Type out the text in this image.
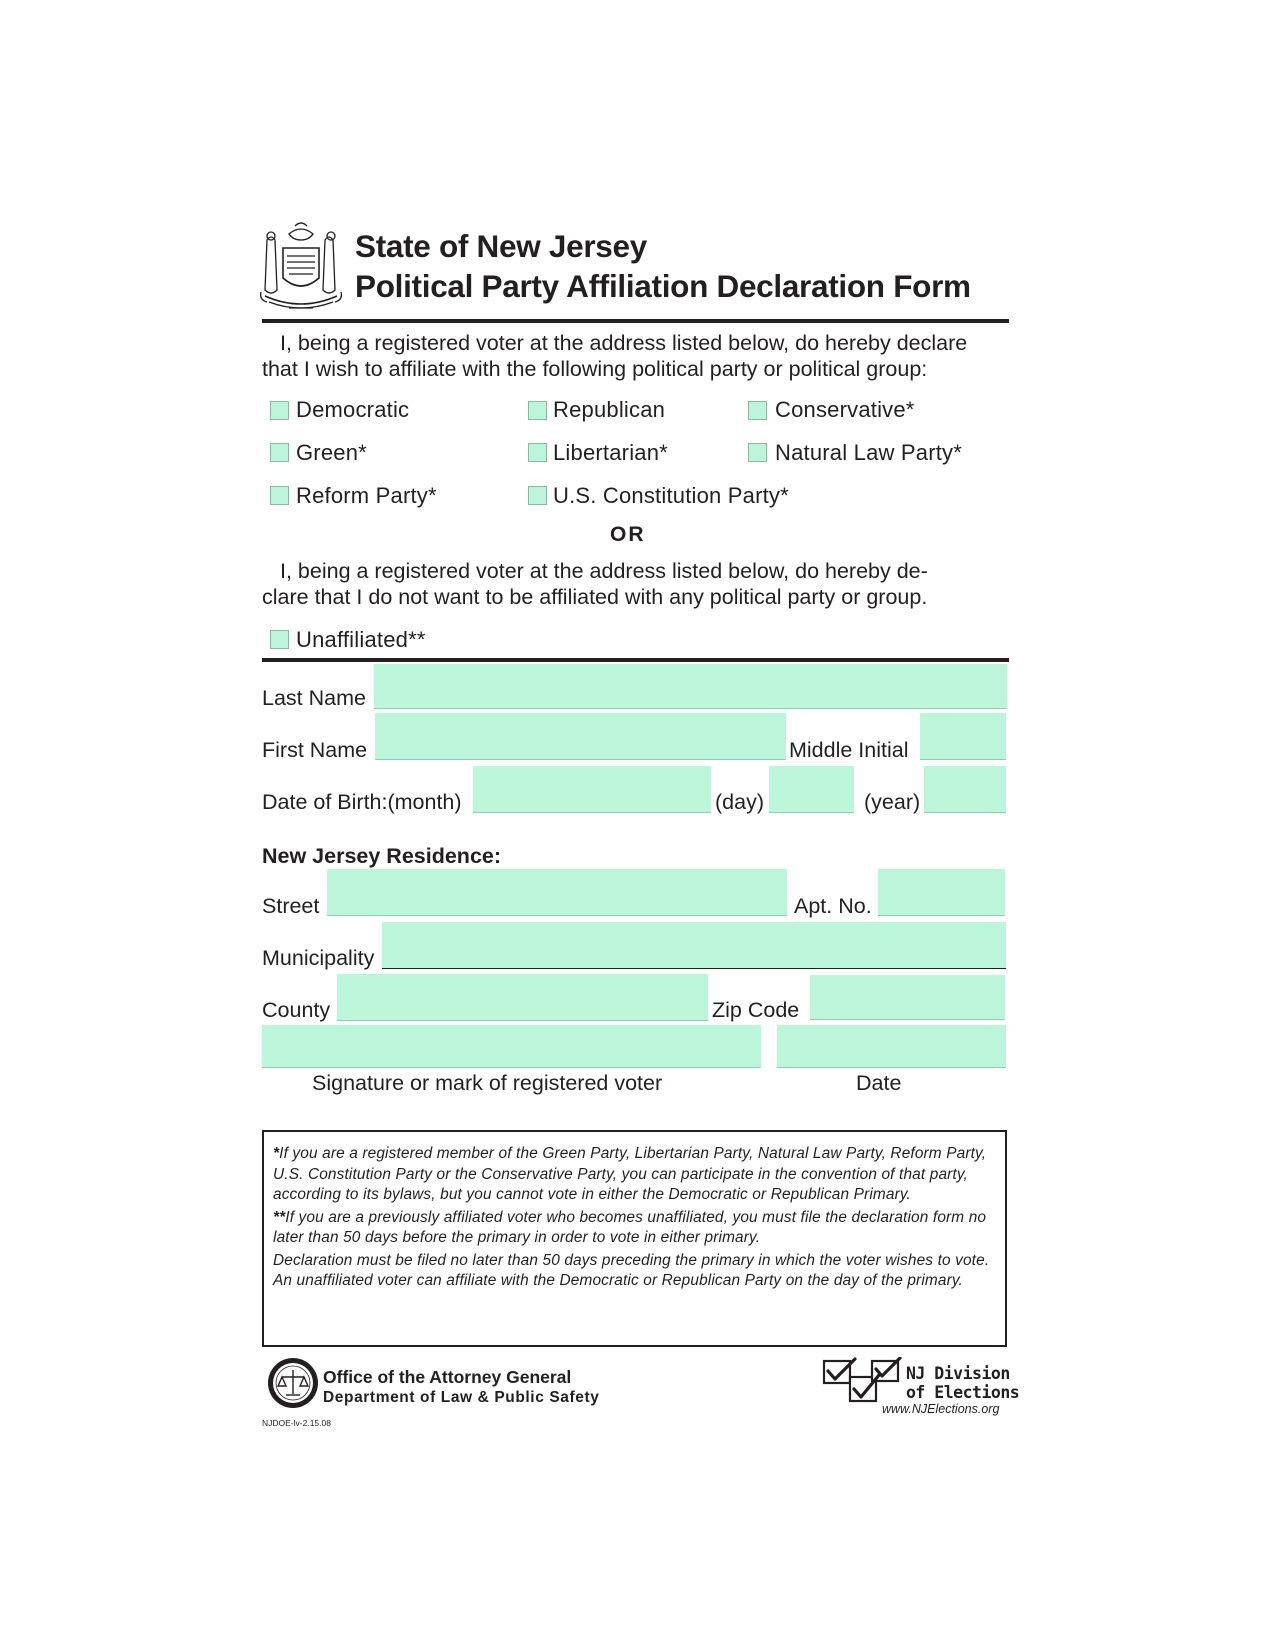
State of New Jersey
Political Party Affiliation Declaration Form
I, being a registered voter at the address listed below, do hereby declare
that I wish to affiliate with the following political party or political group:
Democratic	Republican	Conservative*
Green*	Libertarian*	Natural Law Party*
Reform Party*	U.S. Constitution Party*
OR
I, being a registered voter at the address listed below, do hereby de-
clare that I do not want to be affiliated with any political party or group.
Unaffiliated**
Last Name
First Name	Middle Initial
Date of Birth:(month)	(day)	(year)
New Jersey Residence:
Street	Apt. No.
Municipality
County	Zip Code
Signature or mark of registered voter	Date

*If you are a registered member of the Green Party, Libertarian Party, Natural Law Party, Reform Party, U.S. Constitution Party or the Conservative Party, you can participate in the convention of that party, according to its bylaws, but you cannot vote in either the Democratic or Republican Primary.

**If you are a previously affiliated voter who becomes unaffiliated, you must file the declaration form no later than 50 days before the primary in order to vote in either primary.

Declaration must be filed no later than 50 days preceding the primary in which the voter wishes to vote. An unaffiliated voter can affiliate with the Democratic or Republican Party on the day of the primary.

Office of the Attorney General
Department of Law & Public Safety
NJDOE-lv-2.15.08
NJ Division
of Elections
www.NJElections.org
